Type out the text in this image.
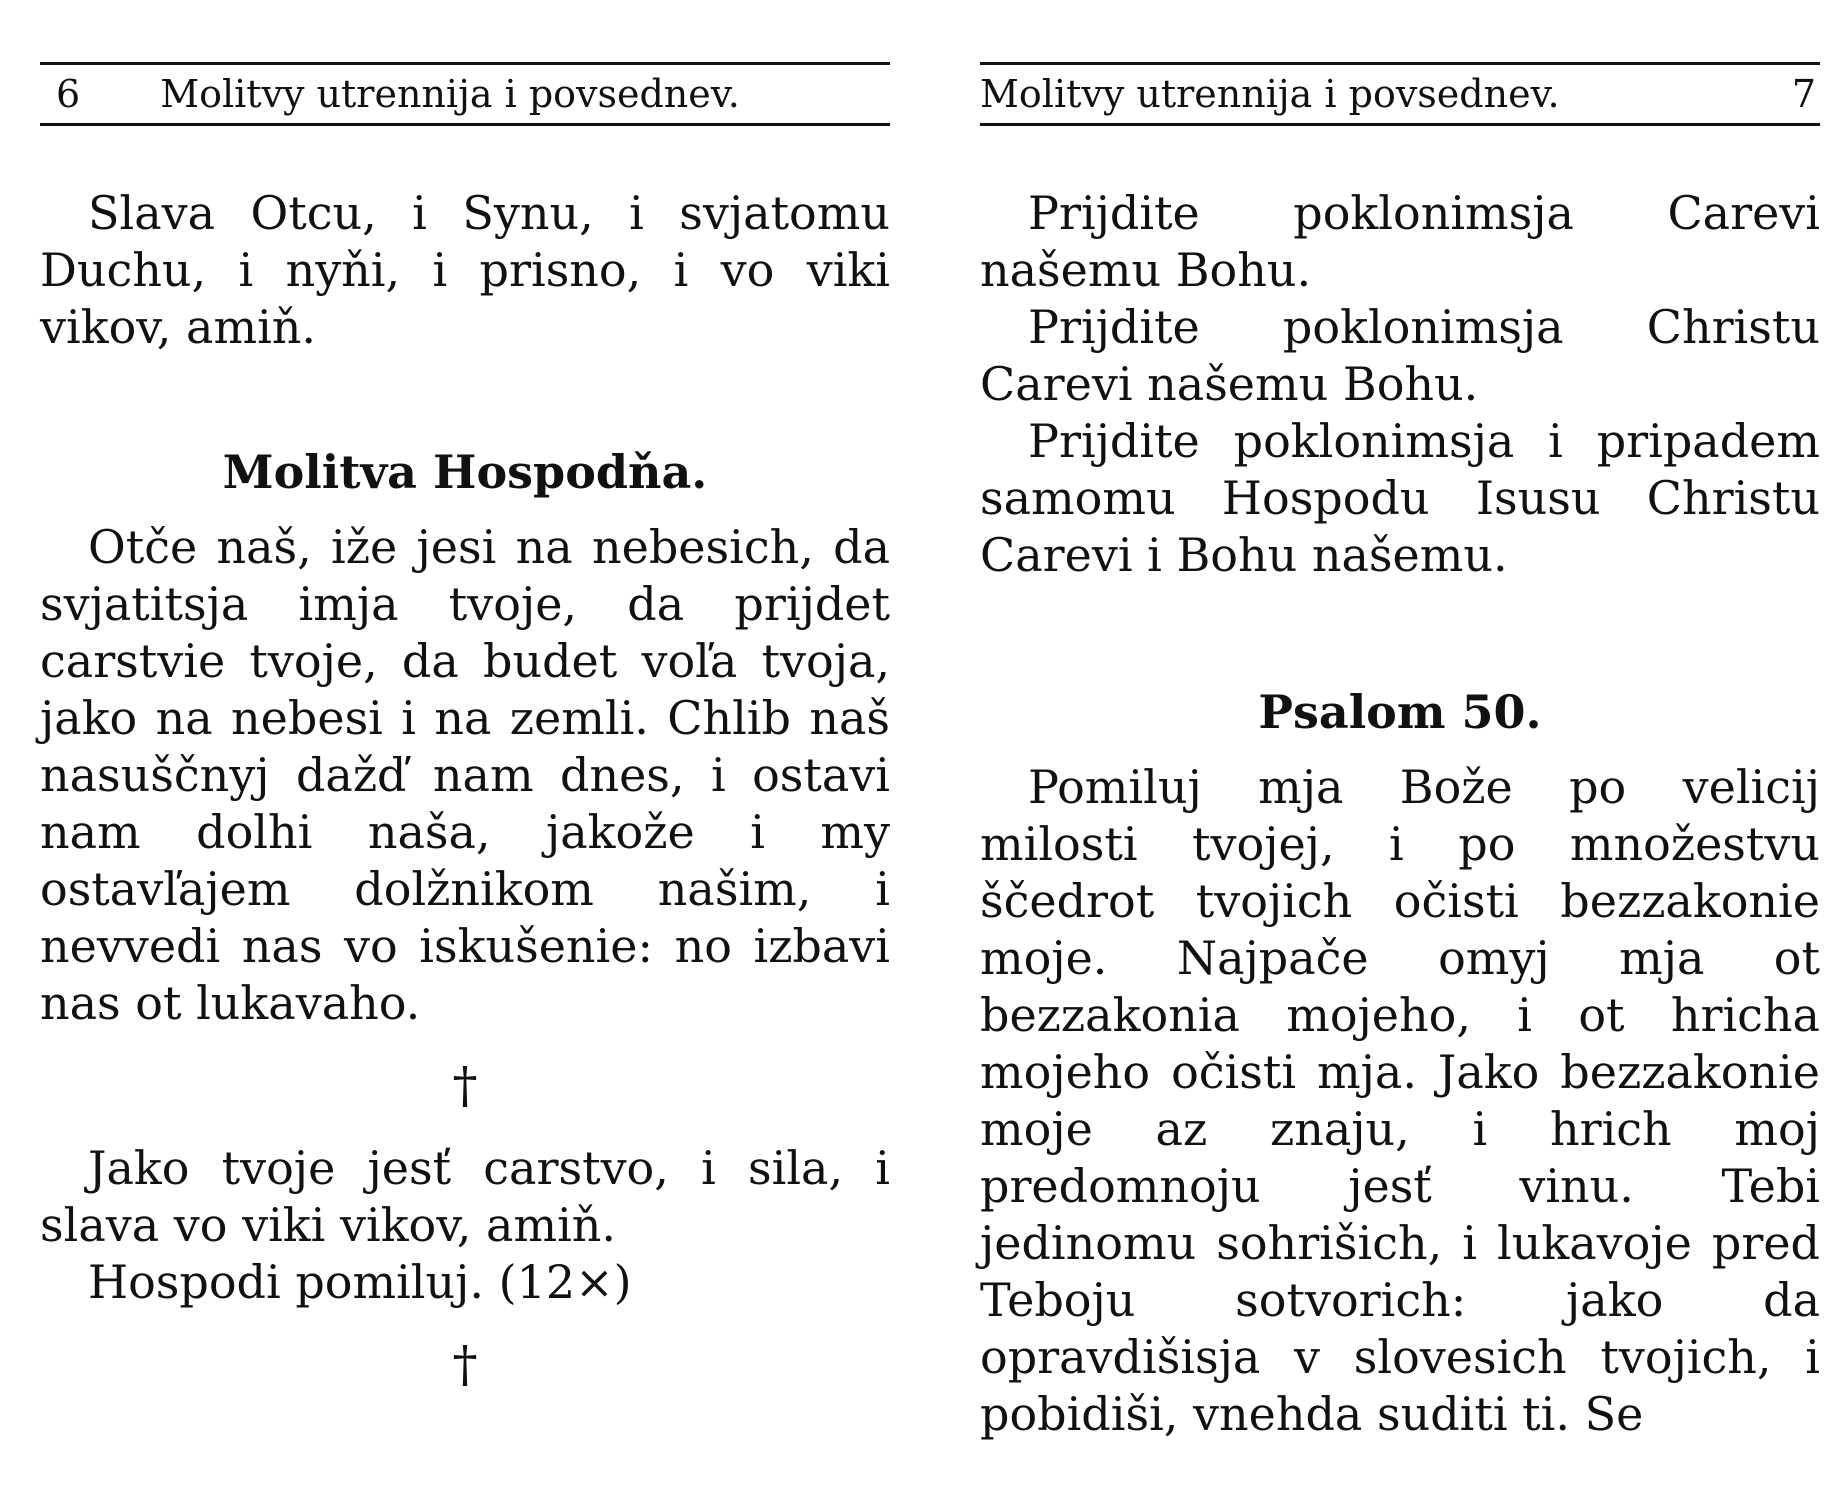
6 Molitvy utrennija i povsednev.

Slava Otcu, i Synu, i svjatomu Duchu, i nyňi, i prisno, i vo viki vikov, amiň.

Molitva Hospodňa.

Otče naš, iže jesi na nebesich, da svjatitsja imja tvoje, da prijdet carstvie tvoje, da budet voľa tvoja, jako na nebesi i na zemli. Chlib naš nasuščnyj dažď nam dnes, i ostavi nam dolhi naša, jakože i my ostavľajem dolžnikom našim, i nevvedi nas vo iskušenie: no izbavi nas ot lukavaho.

†

Jako tvoje jesť carstvo, i sila, i slava vo viki vikov, amiň.

Hospodi pomiluj. (12×)

†
Molitvy utrennija i povsednev.	7

Prijdite poklonimsja Carevi našemu Bohu.

Prijdite poklonimsja Christu Carevi našemu Bohu.

Prijdite poklonimsja i pripadem samomu Hospodu Isusu Christu Carevi i Bohu našemu.

Psalom 50.

Pomiluj mja Bože po velicij milosti tvojej, i po množestvu ščedrot tvojich očisti bezzakonie moje. Najpače omyj mja ot bezzakonia mojeho, i ot hricha mojeho očisti mja. Jako bezzakonie moje az znaju, i hrich moj predomnoju jesť vinu. Tebi jedinomu sohrišich, i lukavoje pred Teboju sotvorich: jako da opravdišisja v slovesich tvojich, i pobidiši, vnehda suditi ti. Se
